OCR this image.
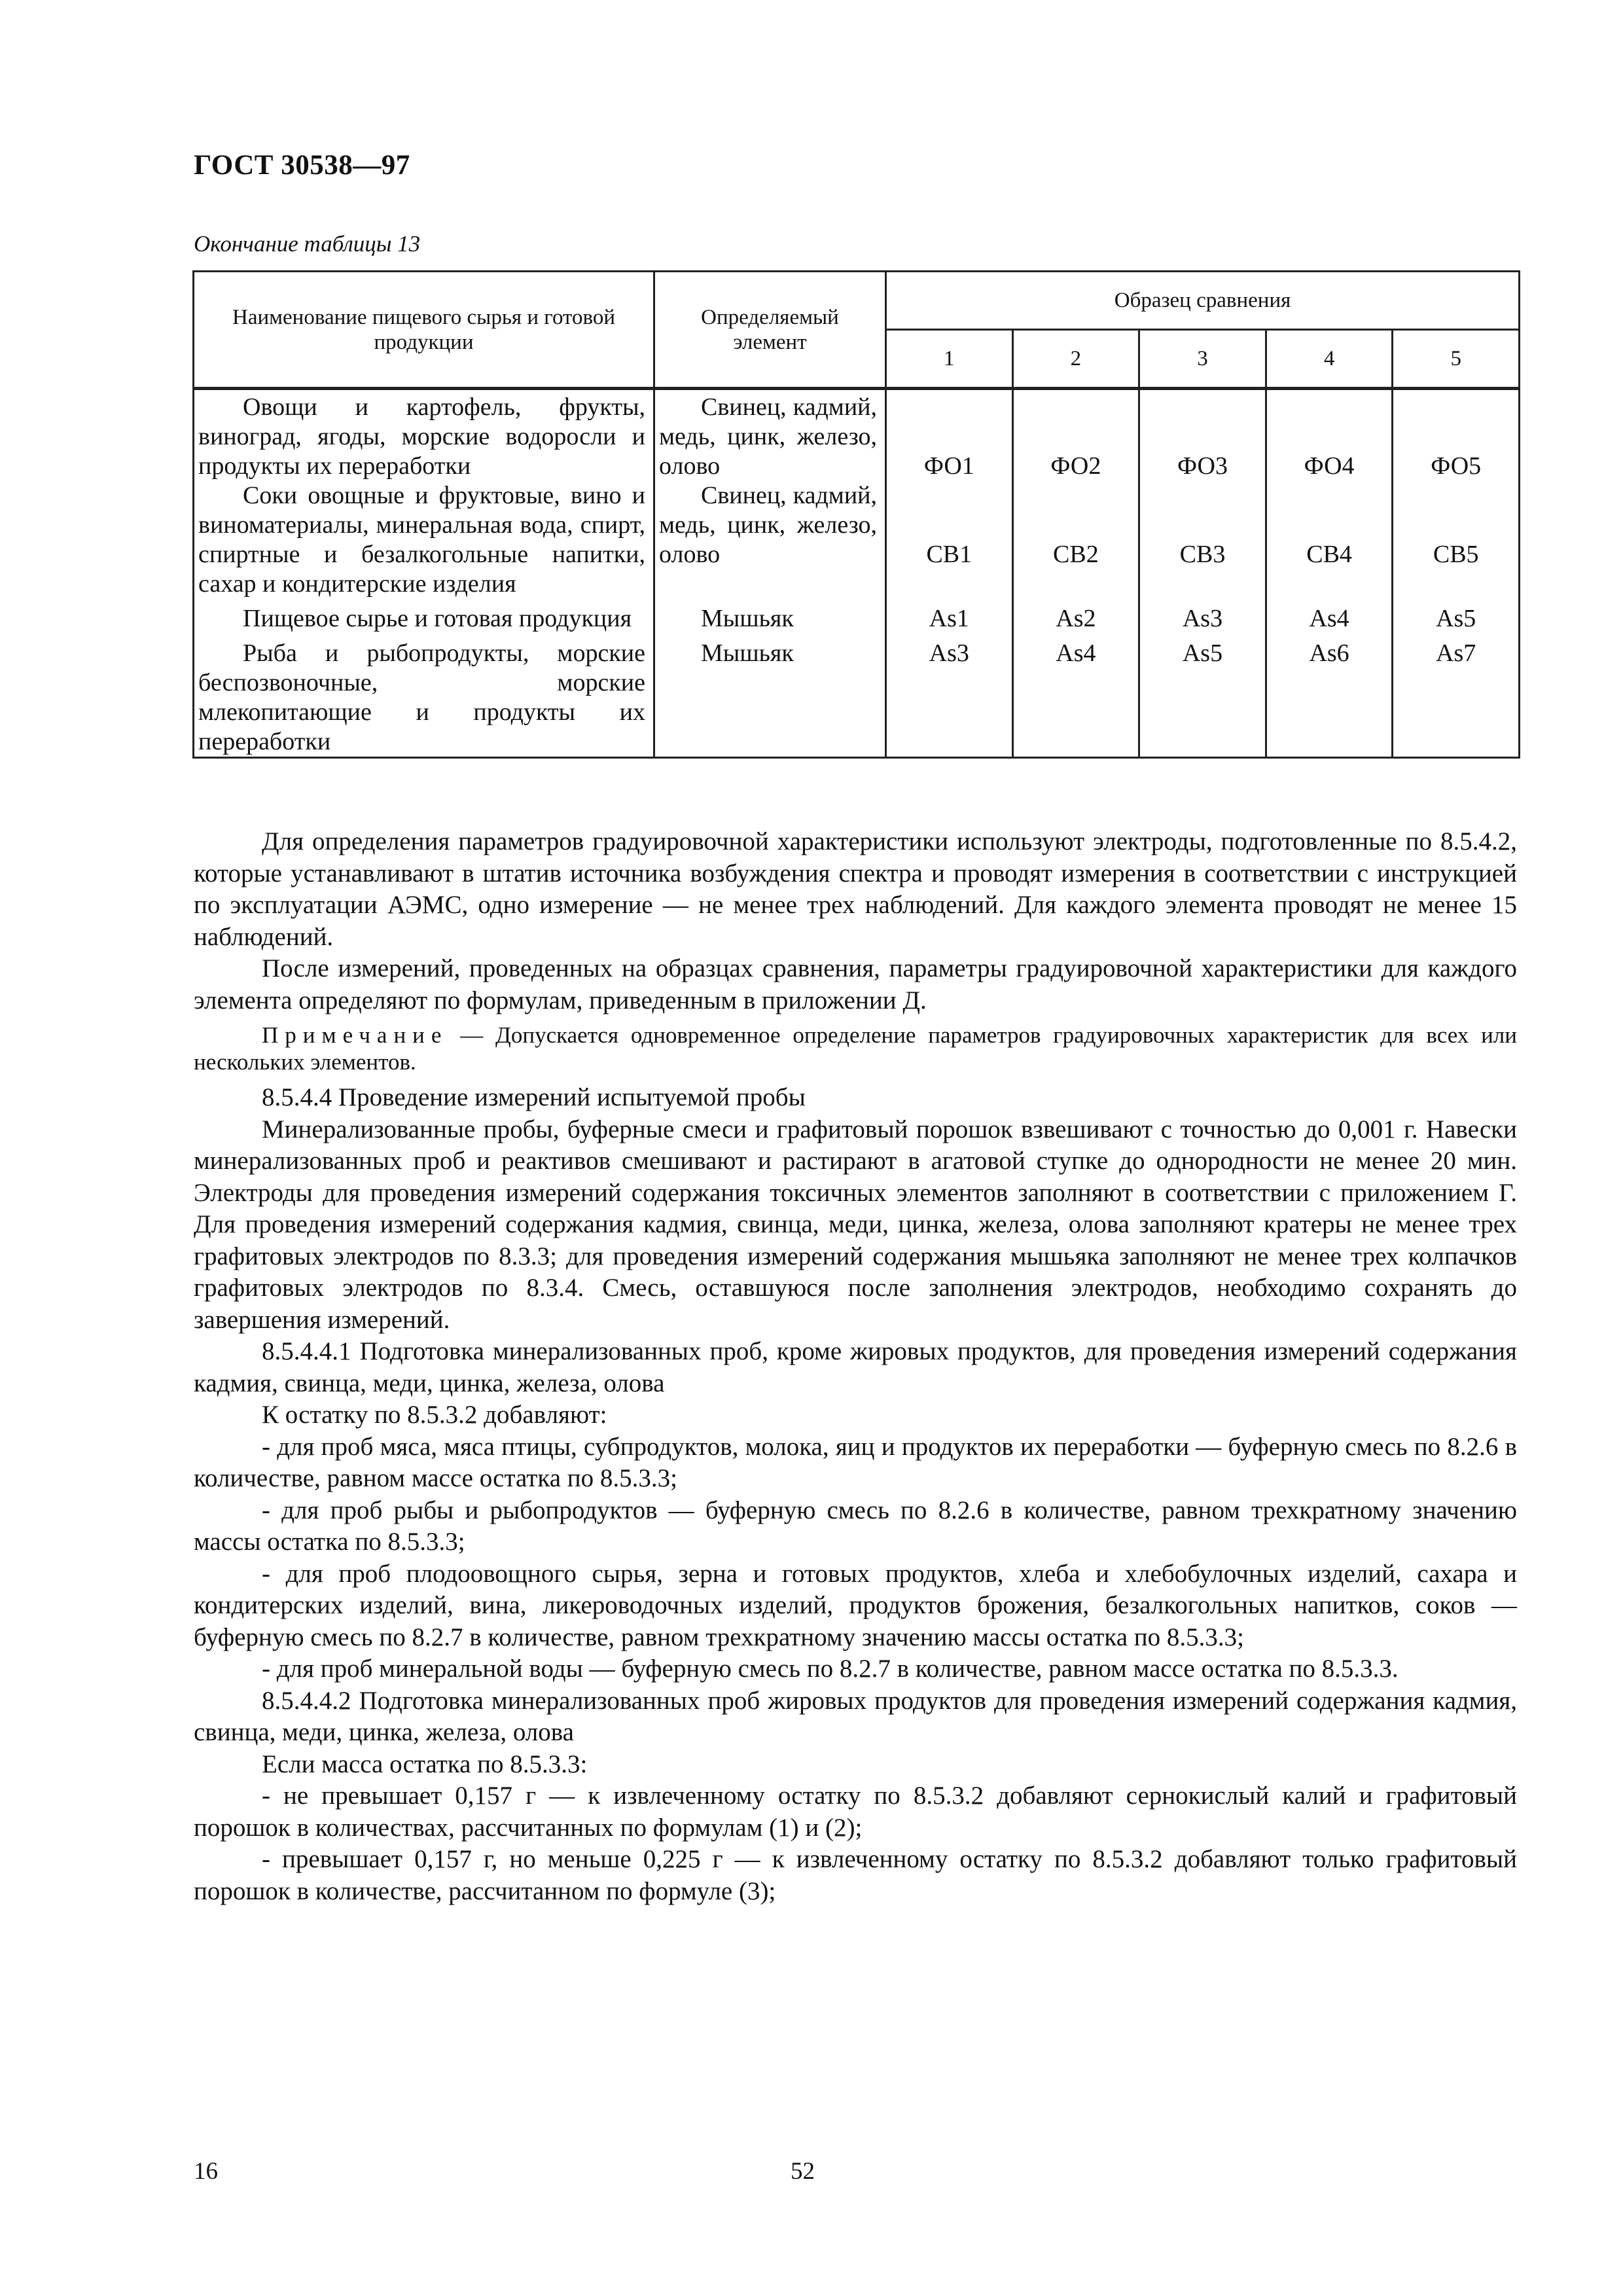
ГОСТ 30538—97
Окончание таблицы 13
Наименование пищевого сырья и готовой продукции	Определяемый элемент	Образец сравнения				
		1	2	3	4	5
Овощи и картофель, фрукты, виноград, ягоды, морские водоросли и продукты их переработки	Свинец, кадмий, медь, цинк, железо, олово	ФО1	ФО2	ФО3	ФО4	ФО5
Соки овощные и фруктовые, вино и виноматериалы, минеральная вода, спирт, спиртные и безалкогольные напитки, сахар и кондитерские изделия	Свинец, кадмий, медь, цинк, железо, олово	СВ1	СВ2	СВ3	СВ4	СВ5
Пищевое сырье и готовая продукция	Мышьяк	As1	As2	As3	As4	As5
Рыба и рыбопродукты, морские беспозвоночные, морские млекопитающие и продукты их переработки	Мышьяк	As3	As4	As5	As6	As7

Для определения параметров градуировочной характеристики используют электроды, подготовленные по 8.5.4.2, которые устанавливают в штатив источника возбуждения спектра и проводят измерения в соответствии с инструкцией по эксплуатации АЭМС, одно измерение — не менее трех наблюдений. Для каждого элемента проводят не менее 15 наблюдений.

После измерений, проведенных на образцах сравнения, параметры градуировочной характеристики для каждого элемента определяют по формулам, приведенным в приложении Д.

Примечание — Допускается одновременное определение параметров градуировочных характеристик для всех или нескольких элементов.

8.5.4.4 Проведение измерений испытуемой пробы

Минерализованные пробы, буферные смеси и графитовый порошок взвешивают с точностью до 0,001 г. Навески минерализованных проб и реактивов смешивают и растирают в агатовой ступке до однородности не менее 20 мин. Электроды для проведения измерений содержания токсичных элементов заполняют в соответствии с приложением Г. Для проведения измерений содержания кадмия, свинца, меди, цинка, железа, олова заполняют кратеры не менее трех графитовых электродов по 8.3.3; для проведения измерений содержания мышьяка заполняют не менее трех колпачков графитовых электродов по 8.3.4. Смесь, оставшуюся после заполнения электродов, необходимо сохранять до завершения измерений.

8.5.4.4.1 Подготовка минерализованных проб, кроме жировых продуктов, для проведения измерений содержания кадмия, свинца, меди, цинка, железа, олова

К остатку по 8.5.3.2 добавляют:

- для проб мяса, мяса птицы, субпродуктов, молока, яиц и продуктов их переработки — буферную смесь по 8.2.6 в количестве, равном массе остатка по 8.5.3.3;

- для проб рыбы и рыбопродуктов — буферную смесь по 8.2.6 в количестве, равном трехкратному значению массы остатка по 8.5.3.3;

- для проб плодоовощного сырья, зерна и готовых продуктов, хлеба и хлебобулочных изделий, сахара и кондитерских изделий, вина, ликероводочных изделий, продуктов брожения, безалкогольных напитков, соков — буферную смесь по 8.2.7 в количестве, равном трехкратному значению массы остатка по 8.5.3.3;

- для проб минеральной воды — буферную смесь по 8.2.7 в количестве, равном массе остатка по 8.5.3.3.

8.5.4.4.2 Подготовка минерализованных проб жировых продуктов для проведения измерений содержания кадмия, свинца, меди, цинка, железа, олова

Если масса остатка по 8.5.3.3:

- не превышает 0,157 г — к извлеченному остатку по 8.5.3.2 добавляют сернокислый калий и графитовый порошок в количествах, рассчитанных по формулам (1) и (2);

- превышает 0,157 г, но меньше 0,225 г — к извлеченному остатку по 8.5.3.2 добавляют только графитовый порошок в количестве, рассчитанном по формуле (3);

16	52
